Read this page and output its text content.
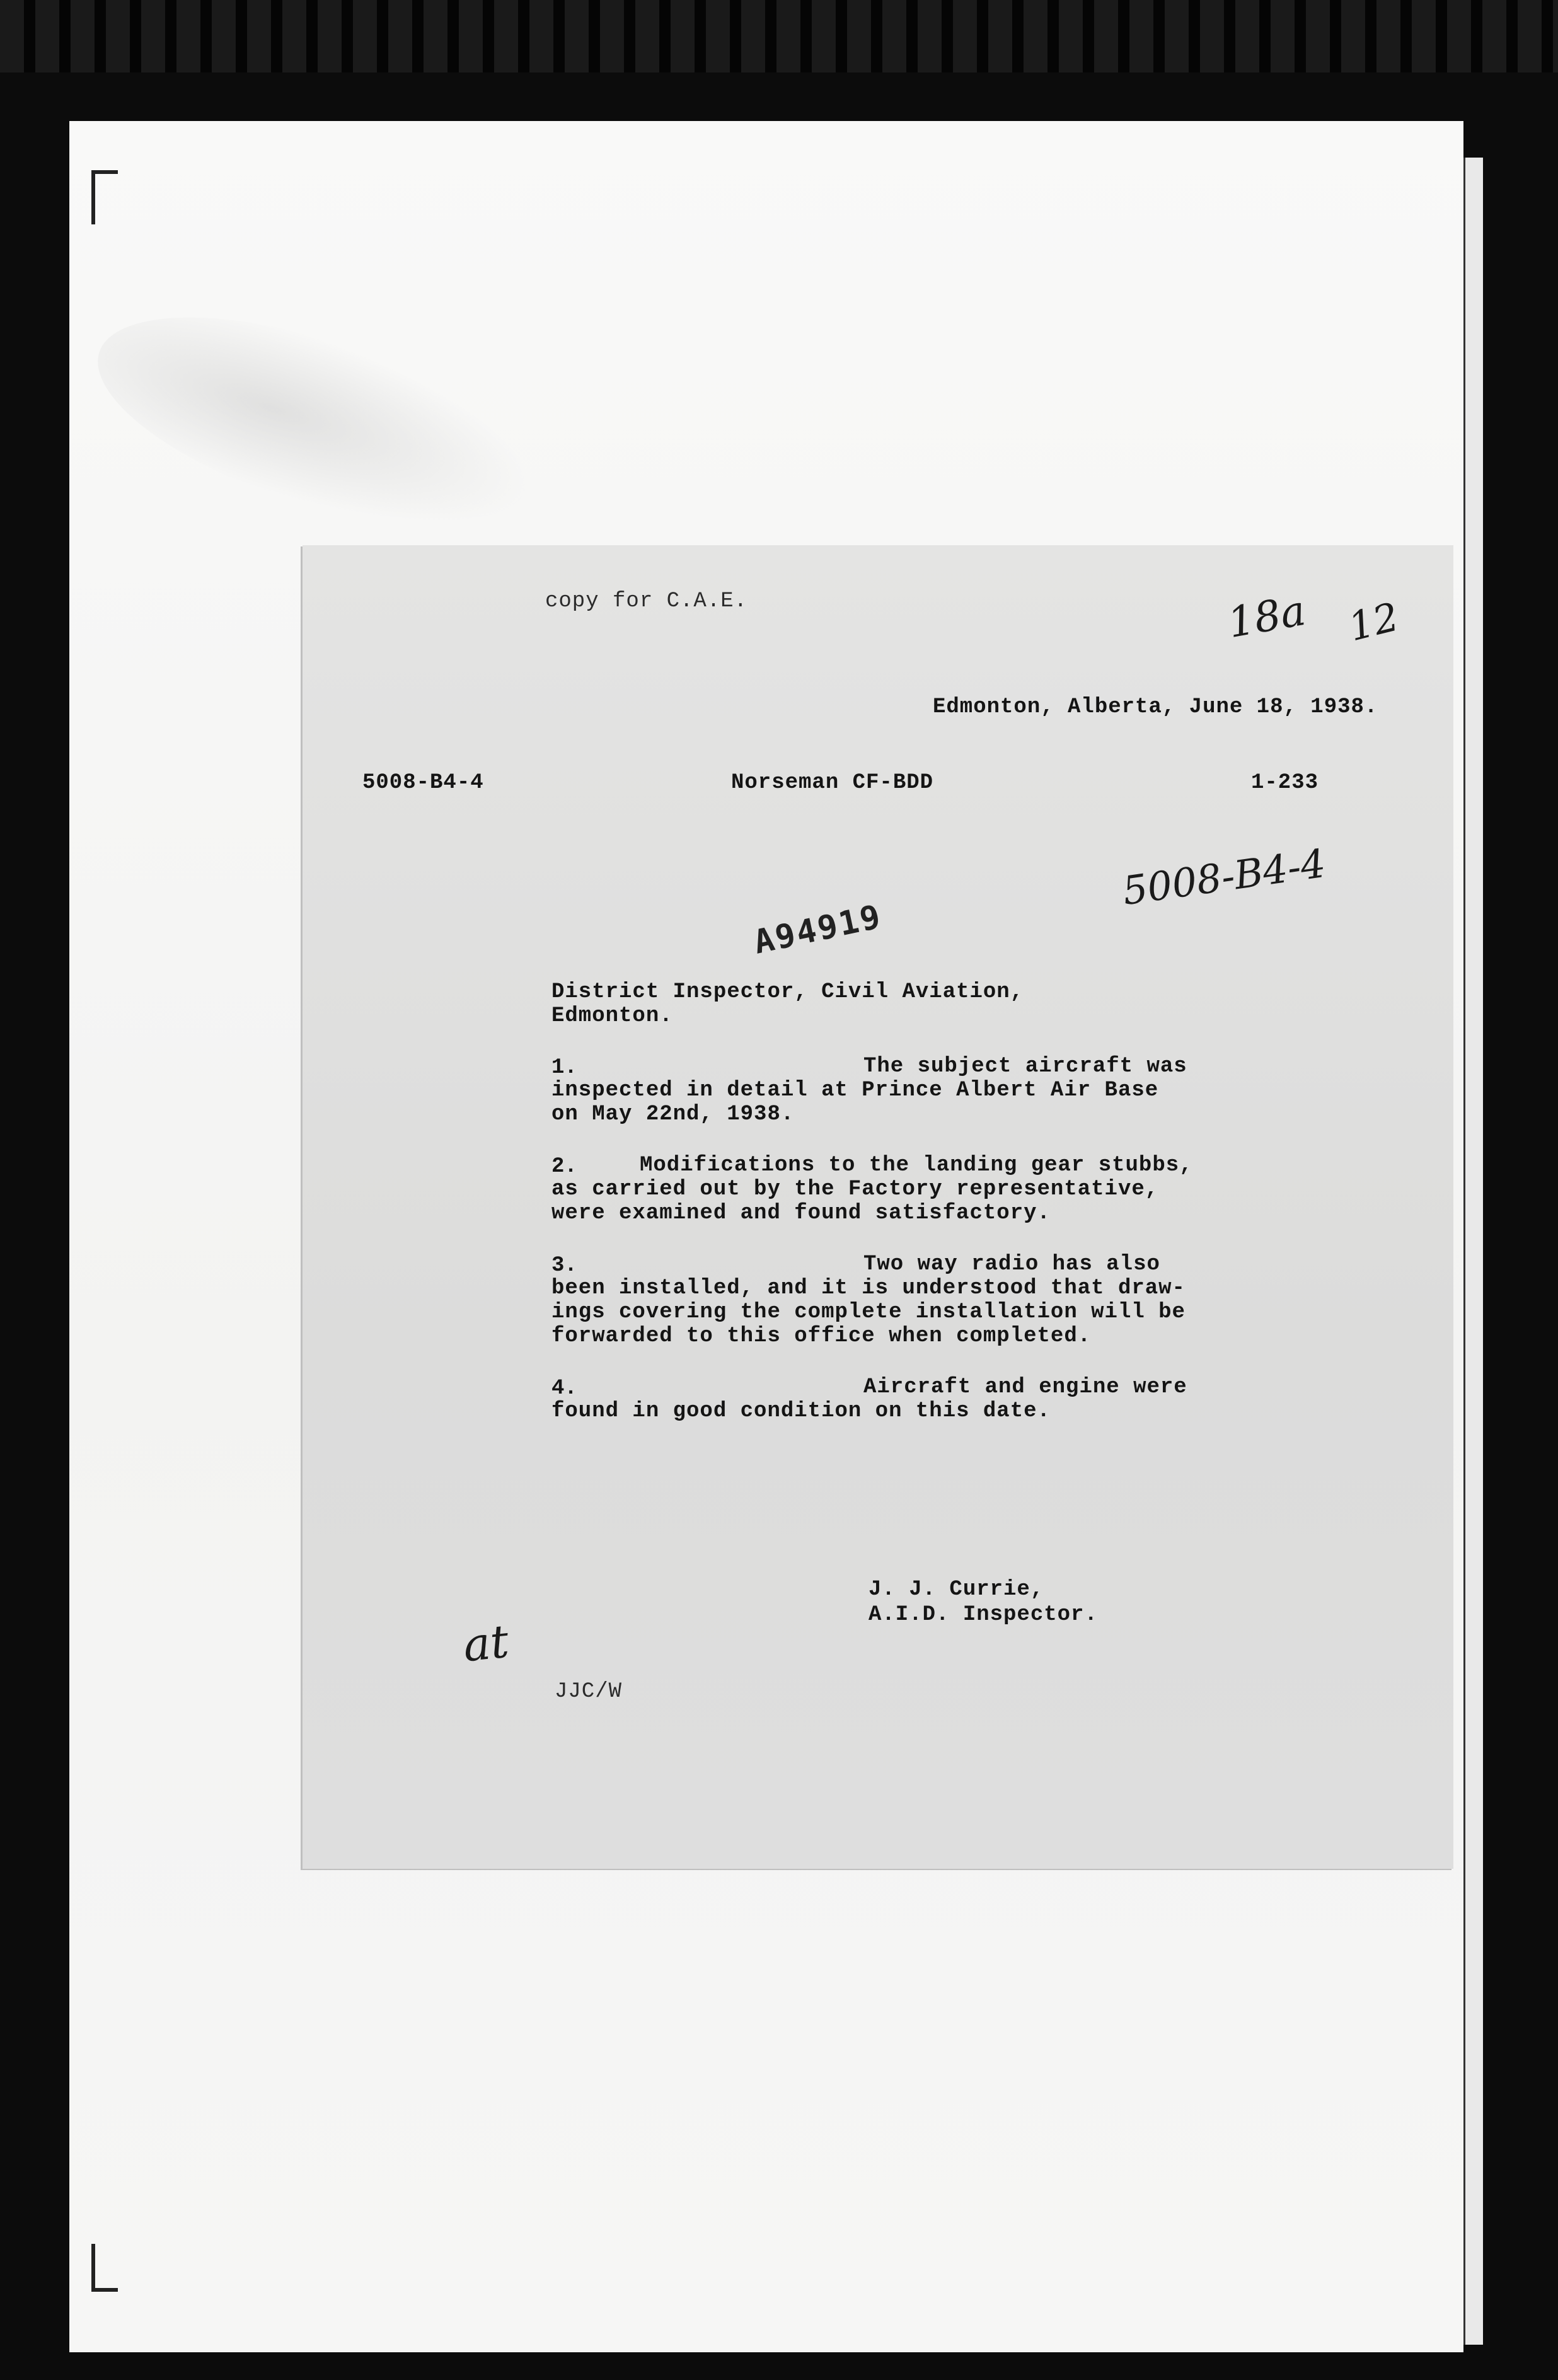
copy for C.A.E.	18a 12
Edmonton, Alberta, June 18, 1938.
5008-B4-4	Norseman CF-BDD	1-233
5008-B4-4
District Inspector, Civil Aviation,
Edmonton.
1.	The subject aircraft was
inspected in detail at Prince Albert Air Base
on May 22nd, 1938.
2.	Modifications to the landing gear stubbs,
as carried out by the Factory representative,
were examined and found satisfactory.
3.	Two way radio has also
been installed, and it is understood that draw-
ings covering the complete installation will be
forwarded to this office when completed.
4.	Aircraft and engine were
found in good condition on this date.
J. J. Currie,
A.I.D. Inspector.
at
JJC/W
A94919
